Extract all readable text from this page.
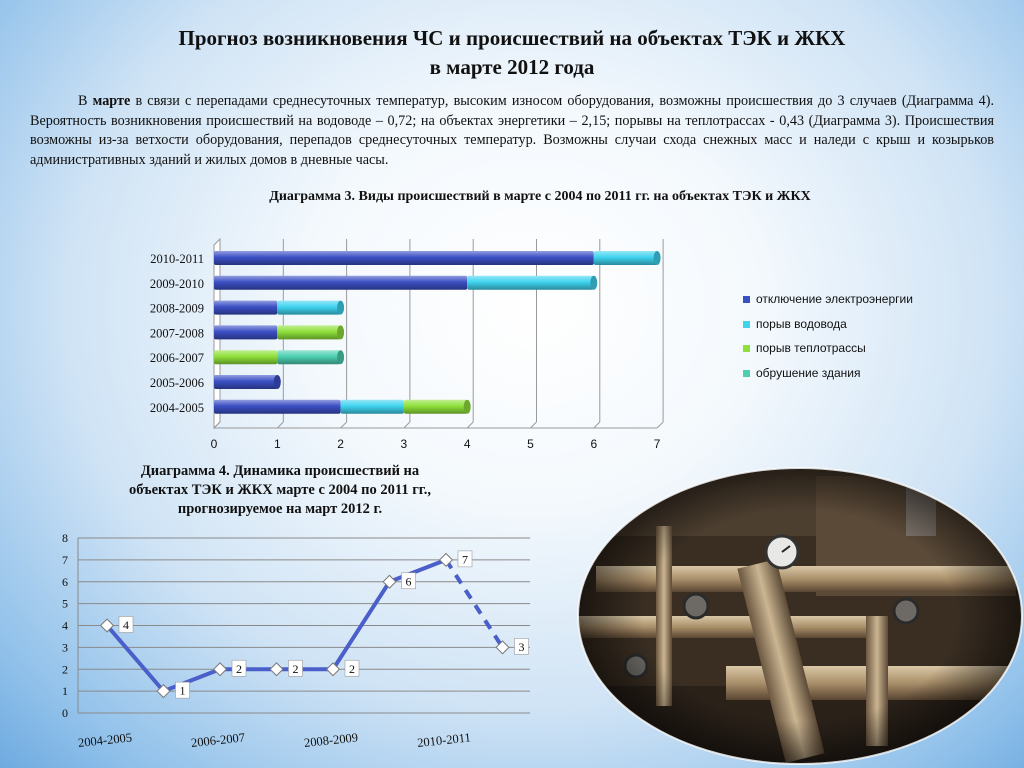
Прогноз возникновения ЧС и происшествий на объектах ТЭК и ЖКХ
в марте 2012 года
В марте в связи с перепадами среднесуточных температур, высоким износом оборудования, возможны происшествия до 3 случаев (Диаграмма 4). Вероятность возникновения происшествий на водоводе – 0,72; на объектах энергетики – 2,15; порывы на теплотрассах - 0,43 (Диаграмма 3). Происшествия возможны из-за ветхости оборудования, перепадов среднесуточных температур. Возможны случаи схода снежных масс и наледи с крыш и козырьков административных зданий и жилых домов в дневные часы.
Диаграмма 3. Виды происшествий в марте с 2004 по 2011 гг. на объектах ТЭК и ЖКХ
2010-2011
2009-2010
2008-2009
2007-2008
2006-2007
2005-2006
2004-2005
0	1	2	3	4	5	6	7
отключение электроэнергии
порыв водовода
порыв теплотрассы
обрушение здания
Диаграмма 4. Динамика происшествий на
объектах ТЭК и ЖКХ марте с 2004 по 2011 гг.,
прогнозируемое на март 2012 г.
0
1
2
3
4
5
6
7
8
4
1
2	2	2
6
7
3
2004-2005	2006-2007	2008-2009	2010-2011
